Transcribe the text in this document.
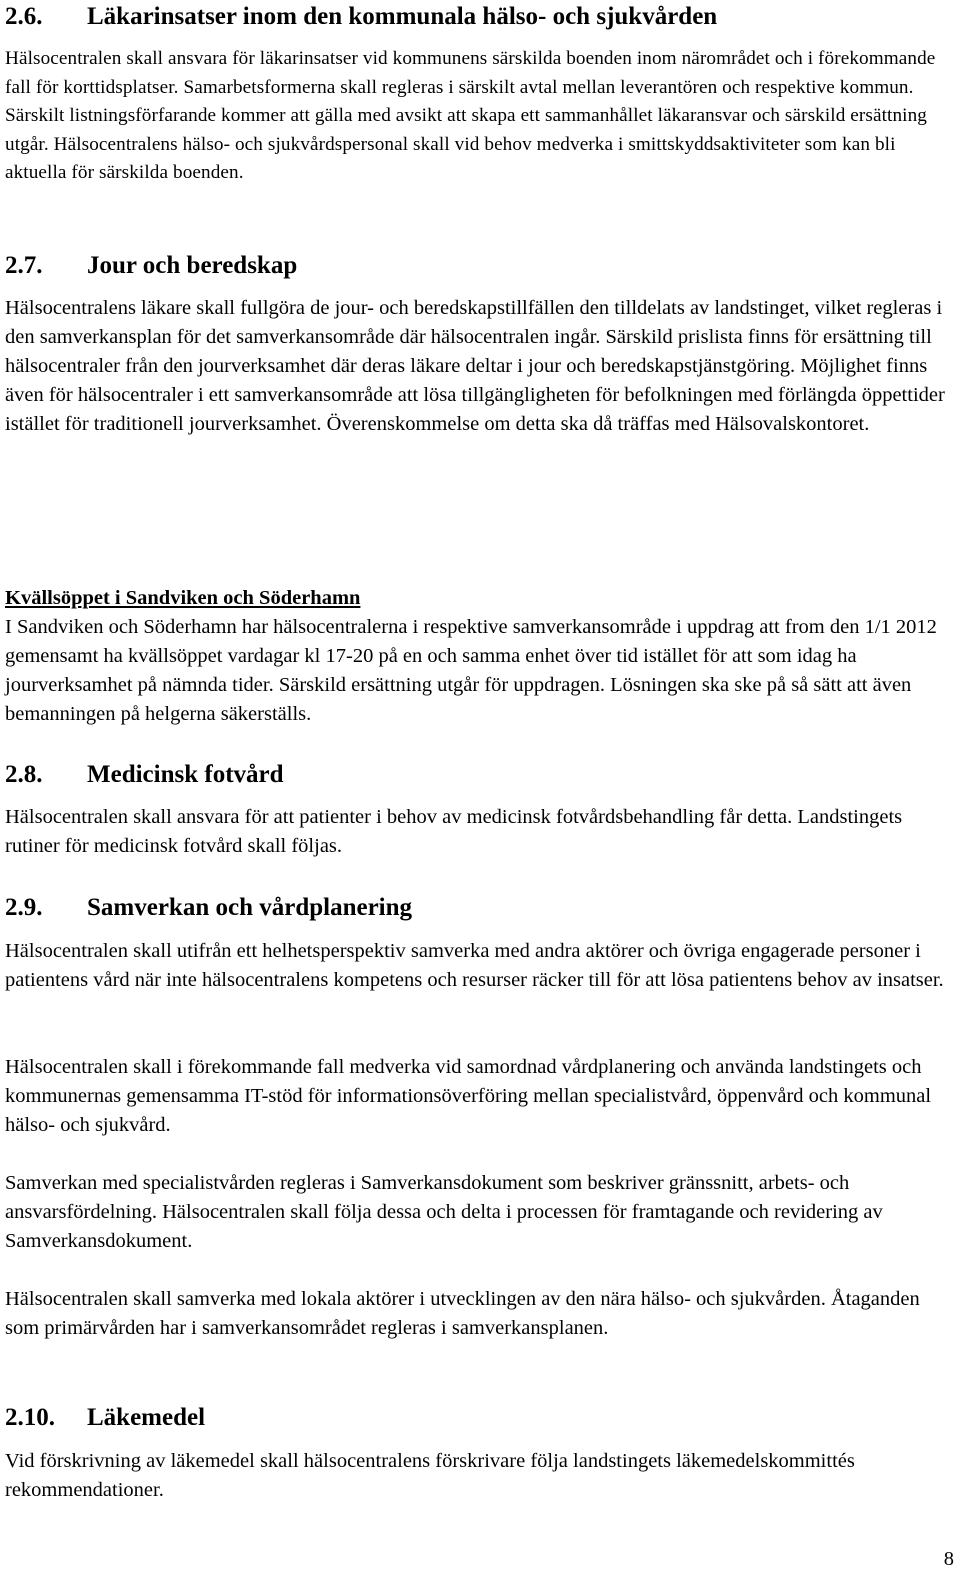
2.6. Läkarinsatser inom den kommunala hälso- och sjukvården
Hälsocentralen skall ansvara för läkarinsatser vid kommunens särskilda boenden inom närområdet och i förekommande fall för korttidsplatser. Samarbetsformerna skall regleras i särskilt avtal mellan leverantören och respektive kommun. Särskilt listningsförfarande kommer att gälla med avsikt att skapa ett sammanhållet läkaransvar och särskild ersättning utgår. Hälsocentralens hälso- och sjukvårdspersonal skall vid behov medverka i smittskyddsaktiviteter som kan bli aktuella för särskilda boenden.
2.7. Jour och beredskap
Hälsocentralens läkare skall fullgöra de jour- och beredskapstillfällen den tilldelats av landstinget, vilket regleras i den samverkansplan för det samverkansområde där hälsocentralen ingår. Särskild prislista finns för ersättning till hälsocentraler från den jourverksamhet där deras läkare deltar i jour och beredskapstjänstgöring. Möjlighet finns även för hälsocentraler i ett samverkansområde att lösa tillgängligheten för befolkningen med förlängda öppettider istället för traditionell jourverksamhet. Överenskommelse om detta ska då träffas med Hälsovalskontoret.
Kvällsöppet i Sandviken och Söderhamn
I Sandviken och Söderhamn har hälsocentralerna i respektive samverkansområde i uppdrag att from den 1/1 2012 gemensamt ha kvällsöppet vardagar kl 17-20 på en och samma enhet över tid istället för att som idag ha jourverksamhet på nämnda tider. Särskild ersättning utgår för uppdragen. Lösningen ska ske på så sätt att även bemanningen på helgerna säkerställs.
2.8. Medicinsk fotvård
Hälsocentralen skall ansvara för att patienter i behov av medicinsk fotvårdsbehandling får detta. Landstingets rutiner för medicinsk fotvård skall följas.
2.9. Samverkan och vårdplanering
Hälsocentralen skall utifrån ett helhetsperspektiv samverka med andra aktörer och övriga engagerade personer i patientens vård när inte hälsocentralens kompetens och resurser räcker till för att lösa patientens behov av insatser.
Hälsocentralen skall i förekommande fall medverka vid samordnad vårdplanering och använda landstingets och kommunernas gemensamma IT-stöd för informationsöverföring mellan specialistvård, öppenvård och kommunal hälso- och sjukvård.
Samverkan med specialistvården regleras i Samverkansdokument som beskriver gränssnitt, arbets- och ansvarsfördelning. Hälsocentralen skall följa dessa och delta i processen för framtagande och revidering av Samverkansdokument.
Hälsocentralen skall samverka med lokala aktörer i utvecklingen av den nära hälso- och sjukvården. Åtaganden som primärvården har i samverkansområdet regleras i samverkansplanen.
2.10. Läkemedel
Vid förskrivning av läkemedel skall hälsocentralens förskrivare följa landstingets läkemedelskommittés rekommendationer.
8
